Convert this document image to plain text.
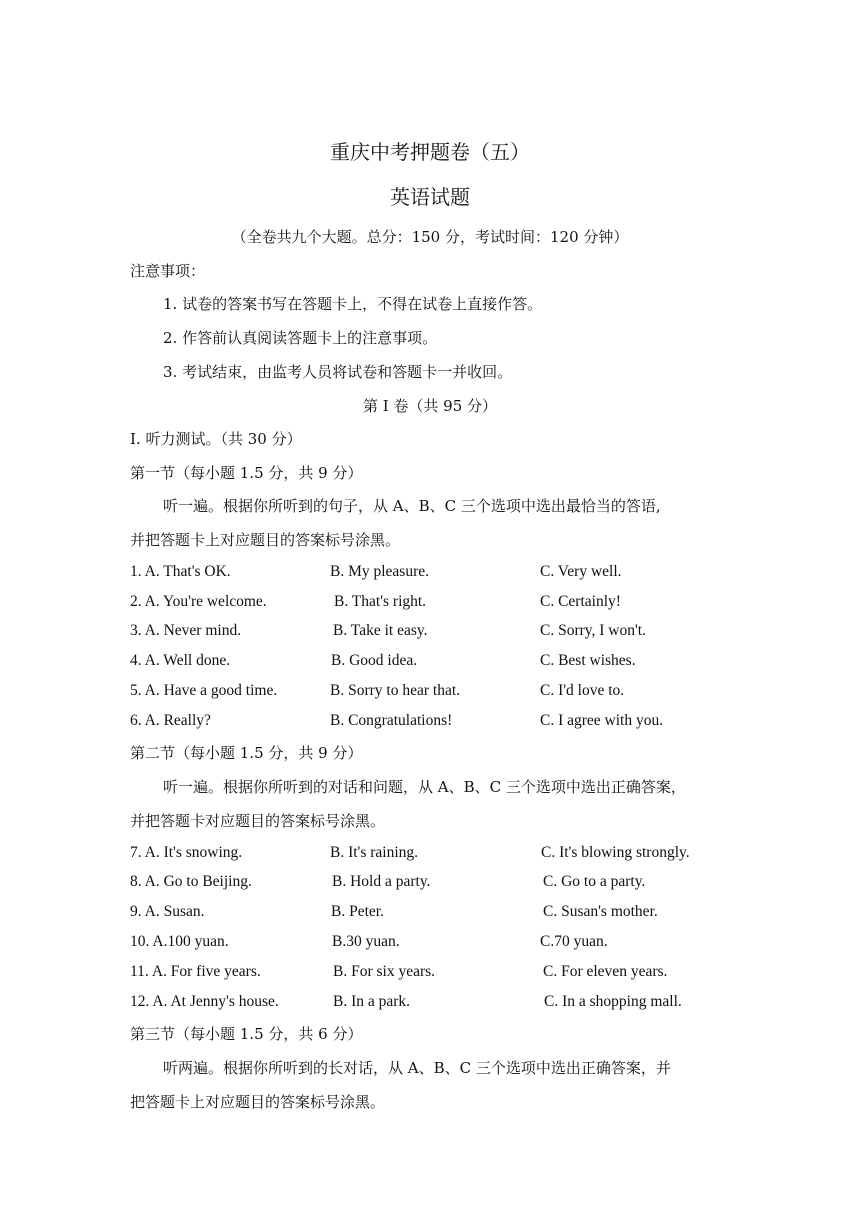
重庆中考押题卷（五）
英语试题
（全卷共九个大题。总分：150 分，考试时间：120 分钟）
注意事项：
1. 试卷的答案书写在答题卡上，不得在试卷上直接作答。
2. 作答前认真阅读答题卡上的注意事项。
3. 考试结束，由监考人员将试卷和答题卡一并收回。
第 I 卷（共 95 分）
I. 听力测试。（共 30 分）
第一节（每小题 1.5 分，共 9 分）
听一遍。根据你所听到的句子，从 A、B、C 三个选项中选出最恰当的答语,
并把答题卡上对应题目的答案标号涂黑。
1. A. That's OK.	B. My pleasure.	C. Very well.
2. A. You're welcome.	B. That's right.	C. Certainly!
3. A. Never mind.	B. Take it easy.	C. Sorry, I won't.
4. A. Well done.	B. Good idea.	C. Best wishes.
5. A. Have a good time.	B. Sorry to hear that.	C. I'd love to.
6. A. Really?	B. Congratulations!	C. I agree with you.
第二节（每小题 1.5 分，共 9 分）
听一遍。根据你所听到的对话和问题，从 A、B、C 三个选项中选出正确答案，
并把答题卡对应题目的答案标号涂黑。
7. A. It's snowing.	B. It's raining.	C. It's blowing strongly.
8. A. Go to Beijing.	B. Hold a party.	C. Go to a party.
9. A. Susan.	B. Peter.	C. Susan's mother.
10. A.100 yuan.	B.30 yuan.	C.70 yuan.
11. A. For five years.	B. For six years.	C. For eleven years.
12. A. At Jenny's house.	B. In a park.	C. In a shopping mall.
第三节（每小题 1.5 分，共 6 分）
听两遍。根据你所听到的长对话，从 A、B、C 三个选项中选出正确答案，并
把答题卡上对应题目的答案标号涂黑。
